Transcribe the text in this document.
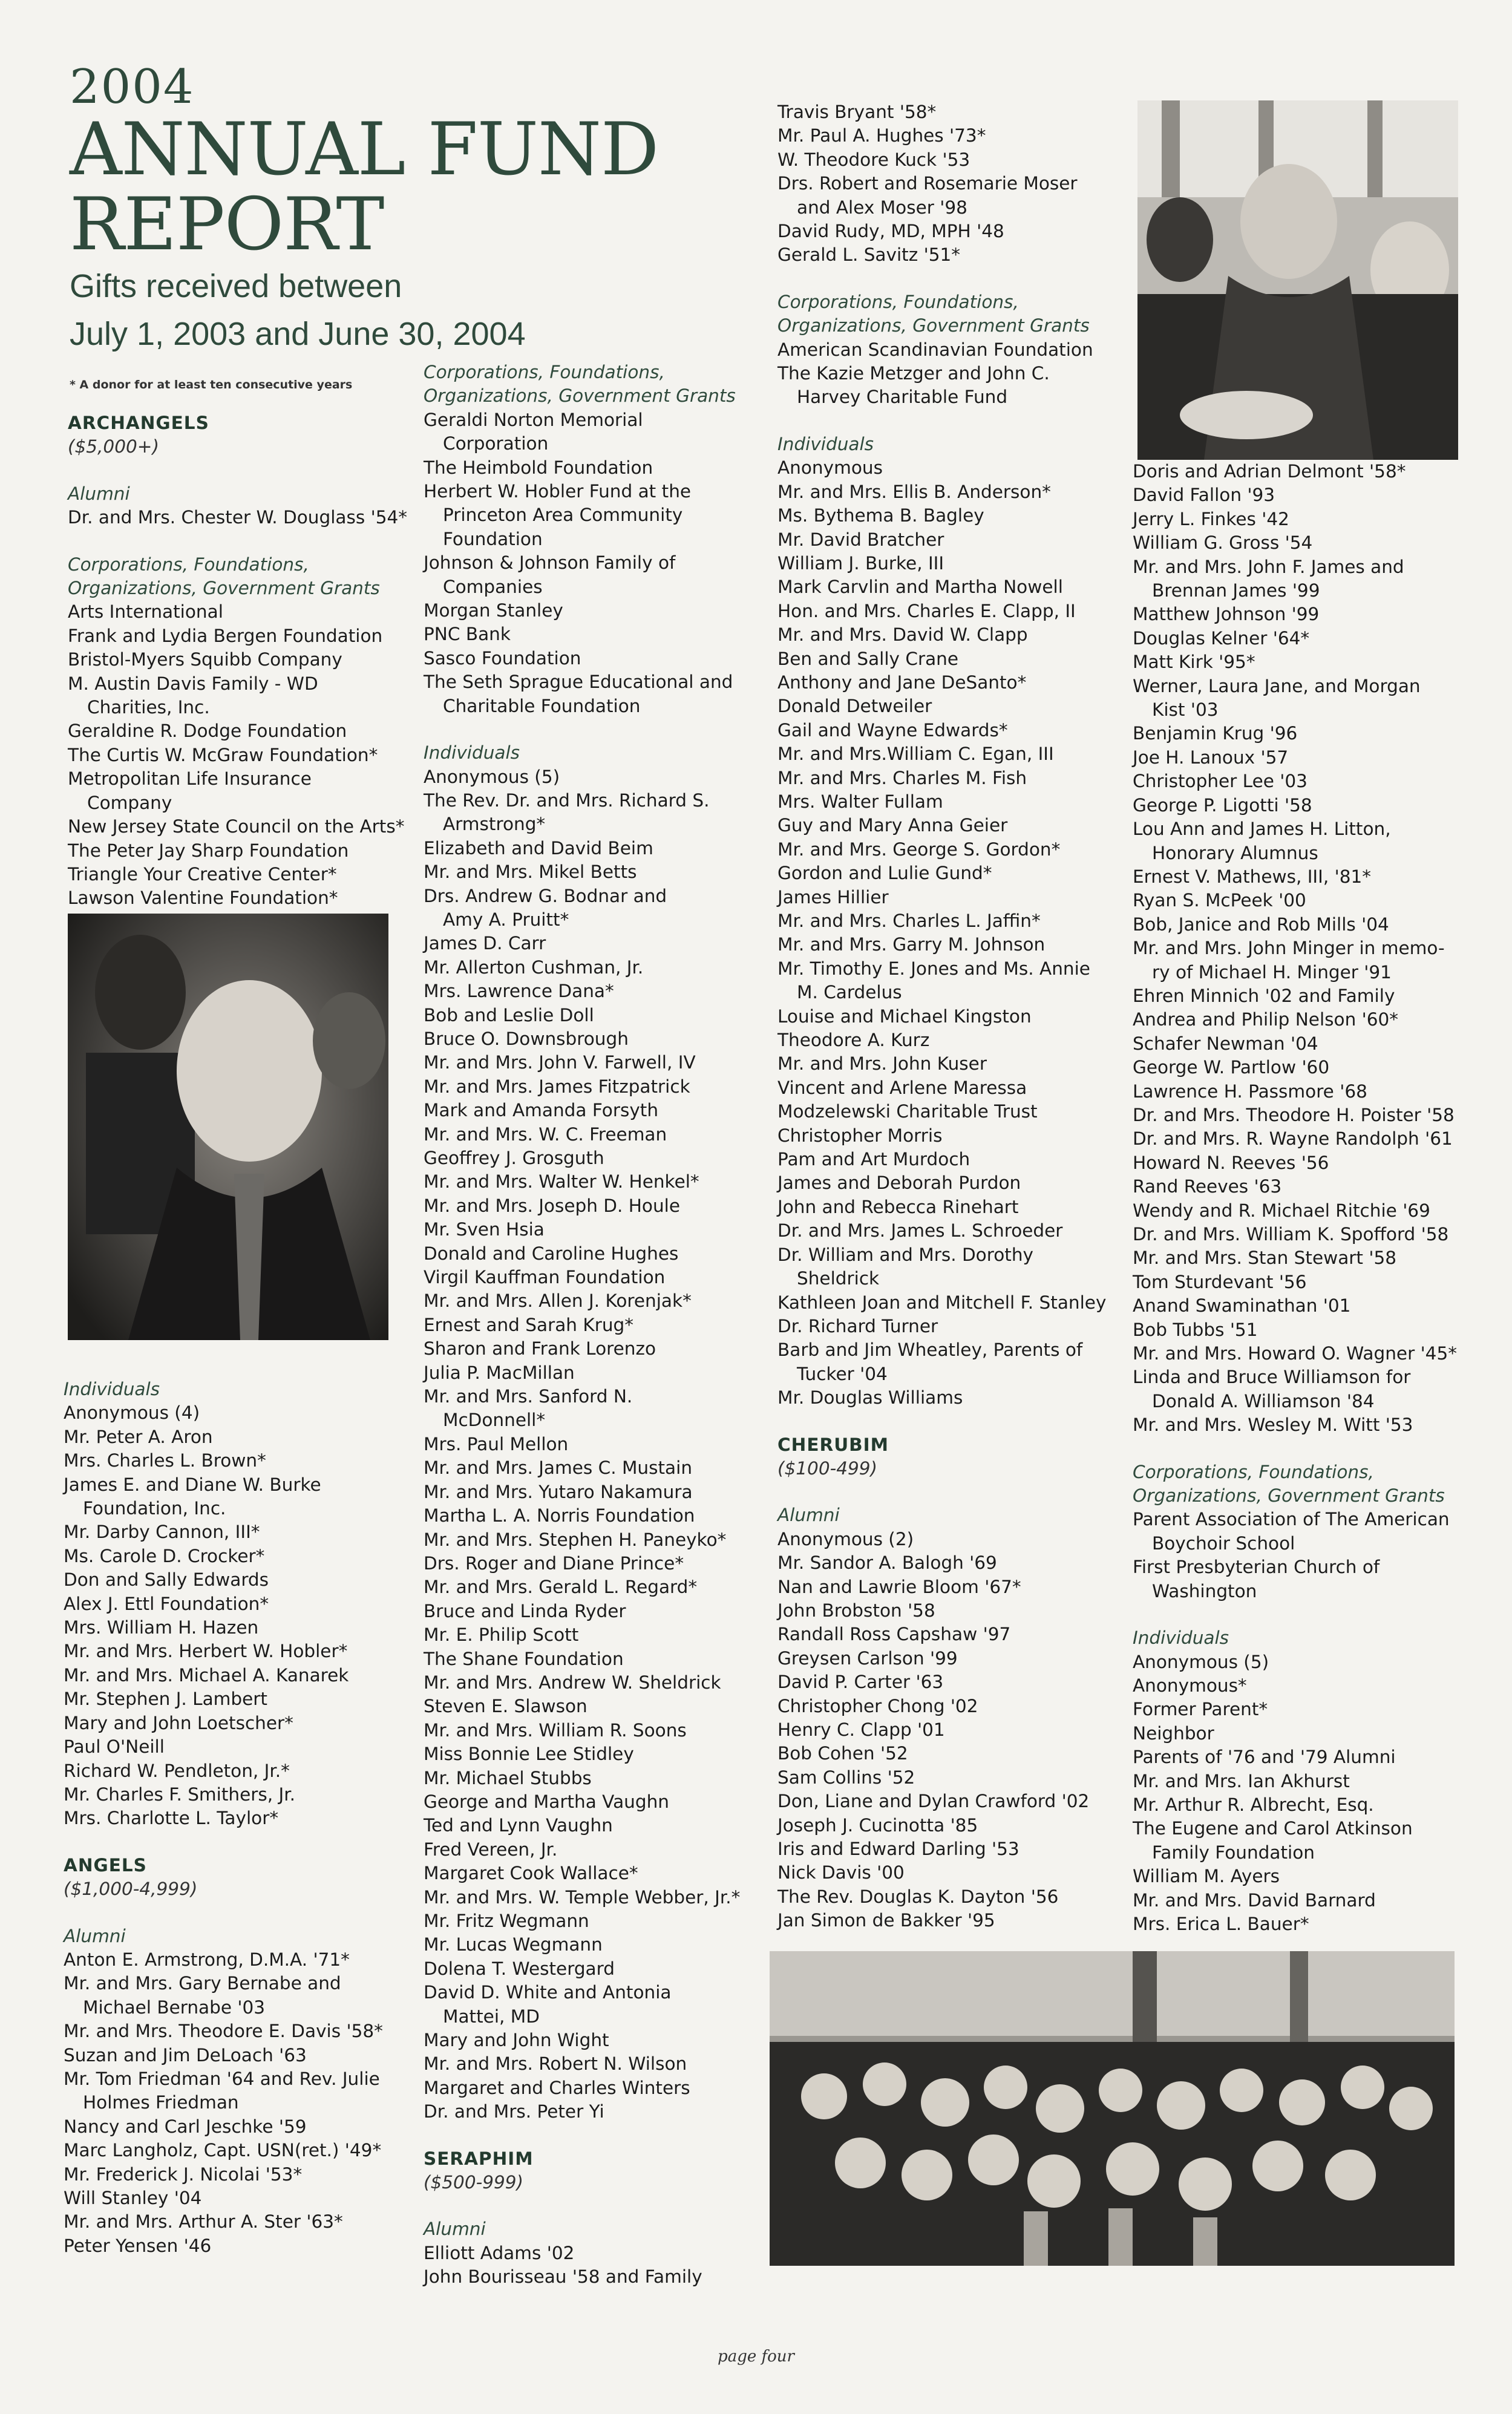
2004
ANNUAL FUND
REPORT
Gifts received between
July 1, 2003 and June 30, 2004
* A donor for at least ten consecutive years
ARCHANGELS
($5,000+)
Alumni
Dr. and Mrs. Chester W. Douglass '54*
Corporations, Foundations,
Organizations, Government Grants
Arts International
Frank and Lydia Bergen Foundation
Bristol-Myers Squibb Company
M. Austin Davis Family - WD
Charities, Inc.
Geraldine R. Dodge Foundation
The Curtis W. McGraw Foundation*
Metropolitan Life Insurance
Company
New Jersey State Council on the Arts*
The Peter Jay Sharp Foundation
Triangle Your Creative Center*
Lawson Valentine Foundation*
Individuals
Anonymous (4)
Mr. Peter A. Aron
Mrs. Charles L. Brown*
James E. and Diane W. Burke
Foundation, Inc.
Mr. Darby Cannon, III*
Ms. Carole D. Crocker*
Don and Sally Edwards
Alex J. Ettl Foundation*
Mrs. William H. Hazen
Mr. and Mrs. Herbert W. Hobler*
Mr. and Mrs. Michael A. Kanarek
Mr. Stephen J. Lambert
Mary and John Loetscher*
Paul O'Neill
Richard W. Pendleton, Jr.*
Mr. Charles F. Smithers, Jr.
Mrs. Charlotte L. Taylor*
ANGELS
($1,000-4,999)
Alumni
Anton E. Armstrong, D.M.A. '71*
Mr. and Mrs. Gary Bernabe and
Michael Bernabe '03
Mr. and Mrs. Theodore E. Davis '58*
Suzan and Jim DeLoach '63
Mr. Tom Friedman '64 and Rev. Julie
Holmes Friedman
Nancy and Carl Jeschke '59
Marc Langholz, Capt. USN(ret.) '49*
Mr. Frederick J. Nicolai '53*
Will Stanley '04
Mr. and Mrs. Arthur A. Ster '63*
Peter Yensen '46
Corporations, Foundations,
Organizations, Government Grants
Geraldi Norton Memorial
Corporation
The Heimbold Foundation
Herbert W. Hobler Fund at the
Princeton Area Community
Foundation
Johnson & Johnson Family of
Companies
Morgan Stanley
PNC Bank
Sasco Foundation
The Seth Sprague Educational and
Charitable Foundation
Individuals
Anonymous (5)
The Rev. Dr. and Mrs. Richard S.
Armstrong*
Elizabeth and David Beim
Mr. and Mrs. Mikel Betts
Drs. Andrew G. Bodnar and
Amy A. Pruitt*
James D. Carr
Mr. Allerton Cushman, Jr.
Mrs. Lawrence Dana*
Bob and Leslie Doll
Bruce O. Downsbrough
Mr. and Mrs. John V. Farwell, IV
Mr. and Mrs. James Fitzpatrick
Mark and Amanda Forsyth
Mr. and Mrs. W. C. Freeman
Geoffrey J. Grosguth
Mr. and Mrs. Walter W. Henkel*
Mr. and Mrs. Joseph D. Houle
Mr. Sven Hsia
Donald and Caroline Hughes
Virgil Kauffman Foundation
Mr. and Mrs. Allen J. Korenjak*
Ernest and Sarah Krug*
Sharon and Frank Lorenzo
Julia P. MacMillan
Mr. and Mrs. Sanford N.
McDonnell*
Mrs. Paul Mellon
Mr. and Mrs. James C. Mustain
Mr. and Mrs. Yutaro Nakamura
Martha L. A. Norris Foundation
Mr. and Mrs. Stephen H. Paneyko*
Drs. Roger and Diane Prince*
Mr. and Mrs. Gerald L. Regard*
Bruce and Linda Ryder
Mr. E. Philip Scott
The Shane Foundation
Mr. and Mrs. Andrew W. Sheldrick
Steven E. Slawson
Mr. and Mrs. William R. Soons
Miss Bonnie Lee Stidley
Mr. Michael Stubbs
George and Martha Vaughn
Ted and Lynn Vaughn
Fred Vereen, Jr.
Margaret Cook Wallace*
Mr. and Mrs. W. Temple Webber, Jr.*
Mr. Fritz Wegmann
Mr. Lucas Wegmann
Dolena T. Westergard
David D. White and Antonia
Mattei, MD
Mary and John Wight
Mr. and Mrs. Robert N. Wilson
Margaret and Charles Winters
Dr. and Mrs. Peter Yi
SERAPHIM
($500-999)
Alumni
Elliott Adams '02
John Bourisseau '58 and Family
Travis Bryant '58*
Mr. Paul A. Hughes '73*
W. Theodore Kuck '53
Drs. Robert and Rosemarie Moser
and Alex Moser '98
David Rudy, MD, MPH '48
Gerald L. Savitz '51*
Corporations, Foundations,
Organizations, Government Grants
American Scandinavian Foundation
The Kazie Metzger and John C.
Harvey Charitable Fund
Individuals
Anonymous
Mr. and Mrs. Ellis B. Anderson*
Ms. Bythema B. Bagley
Mr. David Bratcher
William J. Burke, III
Mark Carvlin and Martha Nowell
Hon. and Mrs. Charles E. Clapp, II
Mr. and Mrs. David W. Clapp
Ben and Sally Crane
Anthony and Jane DeSanto*
Donald Detweiler
Gail and Wayne Edwards*
Mr. and Mrs.William C. Egan, III
Mr. and Mrs. Charles M. Fish
Mrs. Walter Fullam
Guy and Mary Anna Geier
Mr. and Mrs. George S. Gordon*
Gordon and Lulie Gund*
James Hillier
Mr. and Mrs. Charles L. Jaffin*
Mr. and Mrs. Garry M. Johnson
Mr. Timothy E. Jones and Ms. Annie
M. Cardelus
Louise and Michael Kingston
Theodore A. Kurz
Mr. and Mrs. John Kuser
Vincent and Arlene Maressa
Modzelewski Charitable Trust
Christopher Morris
Pam and Art Murdoch
James and Deborah Purdon
John and Rebecca Rinehart
Dr. and Mrs. James L. Schroeder
Dr. William and Mrs. Dorothy
Sheldrick
Kathleen Joan and Mitchell F. Stanley
Dr. Richard Turner
Barb and Jim Wheatley, Parents of
Tucker '04
Mr. Douglas Williams
CHERUBIM
($100-499)
Alumni
Anonymous (2)
Mr. Sandor A. Balogh '69
Nan and Lawrie Bloom '67*
John Brobston '58
Randall Ross Capshaw '97
Greysen Carlson '99
David P. Carter '63
Christopher Chong '02
Henry C. Clapp '01
Bob Cohen '52
Sam Collins '52
Don, Liane and Dylan Crawford '02
Joseph J. Cucinotta '85
Iris and Edward Darling '53
Nick Davis '00
The Rev. Douglas K. Dayton '56
Jan Simon de Bakker '95
Doris and Adrian Delmont '58*
David Fallon '93
Jerry L. Finkes '42
William G. Gross '54
Mr. and Mrs. John F. James and
Brennan James '99
Matthew Johnson '99
Douglas Kelner '64*
Matt Kirk '95*
Werner, Laura Jane, and Morgan
Kist '03
Benjamin Krug '96
Joe H. Lanoux '57
Christopher Lee '03
George P. Ligotti '58
Lou Ann and James H. Litton,
Honorary Alumnus
Ernest V. Mathews, III, '81*
Ryan S. McPeek '00
Bob, Janice and Rob Mills '04
Mr. and Mrs. John Minger in memo-
ry of Michael H. Minger '91
Ehren Minnich '02 and Family
Andrea and Philip Nelson '60*
Schafer Newman '04
George W. Partlow '60
Lawrence H. Passmore '68
Dr. and Mrs. Theodore H. Poister '58
Dr. and Mrs. R. Wayne Randolph '61
Howard N. Reeves '56
Rand Reeves '63
Wendy and R. Michael Ritchie '69
Dr. and Mrs. William K. Spofford '58
Mr. and Mrs. Stan Stewart '58
Tom Sturdevant '56
Anand Swaminathan '01
Bob Tubbs '51
Mr. and Mrs. Howard O. Wagner '45*
Linda and Bruce Williamson for
Donald A. Williamson '84
Mr. and Mrs. Wesley M. Witt '53
Corporations, Foundations,
Organizations, Government Grants
Parent Association of The American
Boychoir School
First Presbyterian Church of
Washington
Individuals
Anonymous (5)
Anonymous*
Former Parent*
Neighbor
Parents of '76 and '79 Alumni
Mr. and Mrs. Ian Akhurst
Mr. Arthur R. Albrecht, Esq.
The Eugene and Carol Atkinson
Family Foundation
William M. Ayers
Mr. and Mrs. David Barnard
Mrs. Erica L. Bauer*
page four
